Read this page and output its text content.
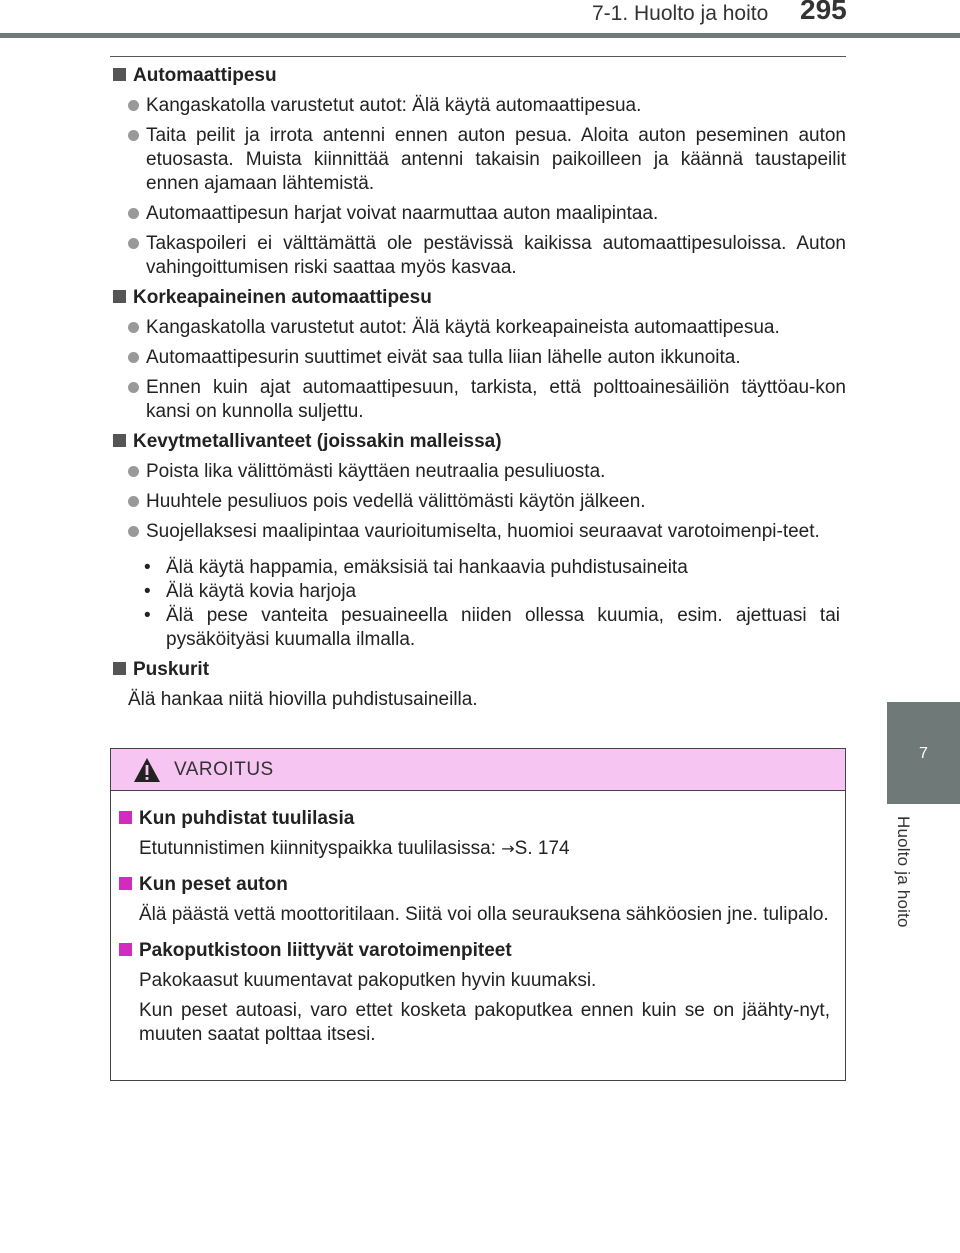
7-1. Huolto ja hoito 295
7
Huolto ja hoito
Automaattipesu
Kangaskatolla varustetut autot: Älä käytä automaattipesua.
Taita peilit ja irrota antenni ennen auton pesua. Aloita auton peseminen auton etuosasta. Muista kiinnittää antenni takaisin paikoilleen ja käännä taustapeilit ennen ajamaan lähtemistä.
Automaattipesun harjat voivat naarmuttaa auton maalipintaa.
Takaspoileri ei välttämättä ole pestävissä kaikissa automaattipesuloissa. Auton vahingoittumisen riski saattaa myös kasvaa.
Korkeapaineinen automaattipesu
Kangaskatolla varustetut autot: Älä käytä korkeapaineista automaattipesua.
Automaattipesurin suuttimet eivät saa tulla liian lähelle auton ikkunoita.
Ennen kuin ajat automaattipesuun, tarkista, että polttoainesäiliön täyttöau-kon kansi on kunnolla suljettu.
Kevytmetallivanteet (joissakin malleissa)
Poista lika välittömästi käyttäen neutraalia pesuliuosta.
Huuhtele pesuliuos pois vedellä välittömästi käytön jälkeen.
Suojellaksesi maalipintaa vaurioitumiselta, huomioi seuraavat varotoimenpi-teet.
• Älä käytä happamia, emäksisiä tai hankaavia puhdistusaineita
• Älä käytä kovia harjoja
• Älä pese vanteita pesuaineella niiden ollessa kuumia, esim. ajettuasi tai pysäköityäsi kuumalla ilmalla.
Puskurit
Älä hankaa niitä hiovilla puhdistusaineilla.
VAROITUS
Kun puhdistat tuulilasia
Etutunnistimen kiinnityspaikka tuulilasissa: →S. 174
Kun peset auton
Älä päästä vettä moottoritilaan. Siitä voi olla seurauksena sähköosien jne. tulipalo.
Pakoputkistoon liittyvät varotoimenpiteet
Pakokaasut kuumentavat pakoputken hyvin kuumaksi.
Kun peset autoasi, varo ettet kosketa pakoputkea ennen kuin se on jäähty-nyt, muuten saatat polttaa itsesi.
